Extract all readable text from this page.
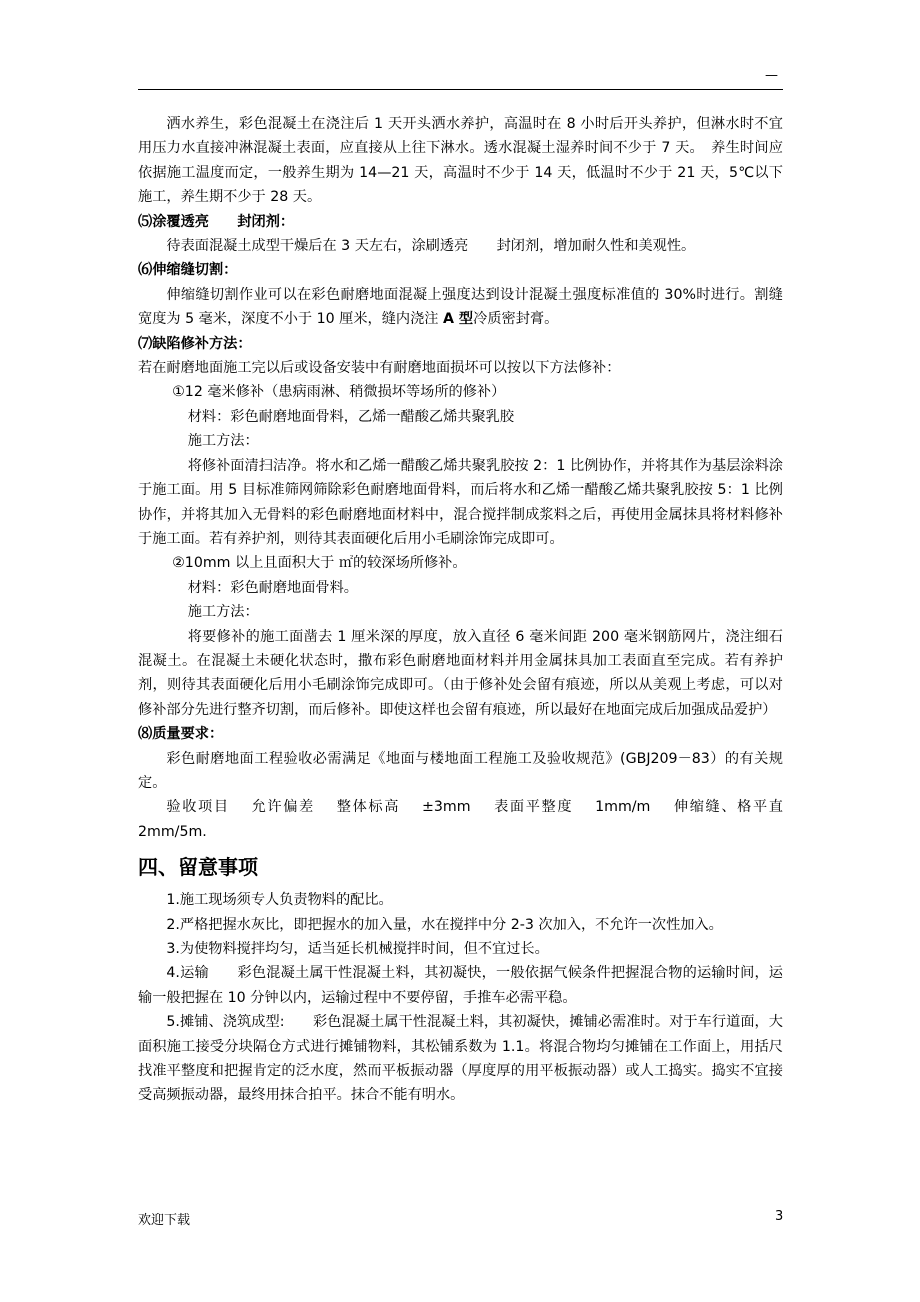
—

洒水养生，彩色混凝土在浇注后 1 天开头洒水养护，高温时在 8 小时后开头养护，但淋水时不宜用压力水直接冲淋混凝土表面，应直接从上往下淋水。透水混凝土湿养时间不少于 7 天。　养生时间应依据施工温度而定，一般养生期为 14—21 天，高温时不少于 14 天，低温时不少于 21 天，5℃以下施工，养生期不少于 28 天。

⑸涂覆透亮　　封闭剂：

待表面混凝土成型干燥后在 3 天左右，涂刷透亮　　封闭剂，增加耐久性和美观性。

⑹伸缩缝切割：

伸缩缝切割作业可以在彩色耐磨地面混凝上强度达到设计混凝土强度标准值的 30%时进行。割缝宽度为 5 毫米，深度不小于 10 厘米，缝内浇注 A 型冷质密封膏。

⑺缺陷修补方法：

若在耐磨地面施工完以后或设备安装中有耐磨地面损坏可以按以下方法修补：

①12 毫米修补（患病雨淋、稍微损坏等场所的修补）

材料：彩色耐磨地面骨料，乙烯一醋酸乙烯共聚乳胶

施工方法：

将修补面清扫洁净。将水和乙烯一醋酸乙烯共聚乳胶按 2：1 比例协作，并将其作为基层涂料涂于施工面。用 5 目标准筛网筛除彩色耐磨地面骨料，而后将水和乙烯一醋酸乙烯共聚乳胶按 5：1 比例协作，并将其加入无骨料的彩色耐磨地面材料中，混合搅拌制成浆料之后，再使用金属抹具将材料修补于施工面。若有养护剂，则待其表面硬化后用小毛刷涂饰完成即可。

②10mm 以上且面积大于 ㎡的较深场所修补。

材料：彩色耐磨地面骨料。

施工方法：

将要修补的施工面凿去 1 厘米深的厚度，放入直径 6 毫米间距 200 毫米钢筋网片，浇注细石混凝土。在混凝土未硬化状态时，撒布彩色耐磨地面材料并用金属抹具加工表面直至完成。若有养护剂，则待其表面硬化后用小毛刷涂饰完成即可。（由于修补处会留有痕迹，所以从美观上考虑，可以对修补部分先进行整齐切割，而后修补。即使这样也会留有痕迹，所以最好在地面完成后加强成品爱护）

⑻质量要求：

彩色耐磨地面工程验收必需满足《地面与楼地面工程施工及验收规范》(GBJ209－83）的有关规定。

验收项目　 允许偏差　 整体标高　 ±3mm　 表面平整度　 1mm/m　 伸缩缝、格平直 2mm/5m.

四、留意事项

1.施工现场须专人负责物料的配比。

2.严格把握水灰比，即把握水的加入量，水在搅拌中分 2-3 次加入，不允许一次性加入。

3.为使物料搅拌均匀，适当延长机械搅拌时间，但不宜过长。

4.运输　　彩色混凝土属干性混凝土料，其初凝快，一般依据气候条件把握混合物的运输时间，运输一般把握在 10 分钟以内，运输过程中不要停留，手推车必需平稳。

5.摊铺、浇筑成型:　　彩色混凝土属干性混凝土料，其初凝快，摊铺必需准时。对于车行道面，大面积施工接受分块隔仓方式进行摊铺物料，其松铺系数为 1.1。将混合物均匀摊铺在工作面上，用括尺找准平整度和把握肯定的泛水度，然而平板振动器（厚度厚的用平板振动器）或人工捣实。捣实不宜接受高频振动器，最终用抹合拍平。抹合不能有明水。

欢迎下载	3
